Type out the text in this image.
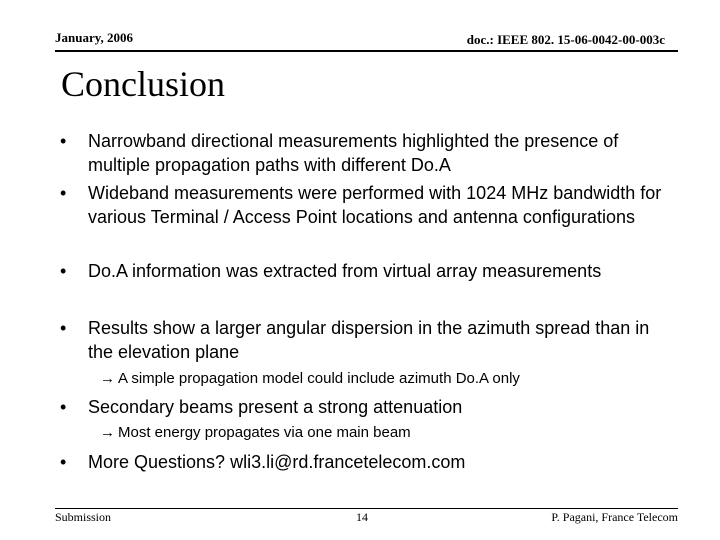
January, 2006	doc.: IEEE 802. 15-06-0042-00-003c
Conclusion
•	Narrowband directional measurements highlighted the presence of multiple propagation paths with different Do.A
•	Wideband measurements were performed with 1024 MHz bandwidth for various Terminal / Access Point locations and antenna configurations
•	Do.A information was extracted from virtual array measurements
•	Results show a larger angular dispersion in the azimuth spread than in the elevation plane
→ A simple propagation model could include azimuth Do.A only
•	Secondary beams present a strong attenuation
→ Most energy propagates via one main beam
•	More Questions? wli3.li@rd.francetelecom.com
Submission	14	P. Pagani, France Telecom
